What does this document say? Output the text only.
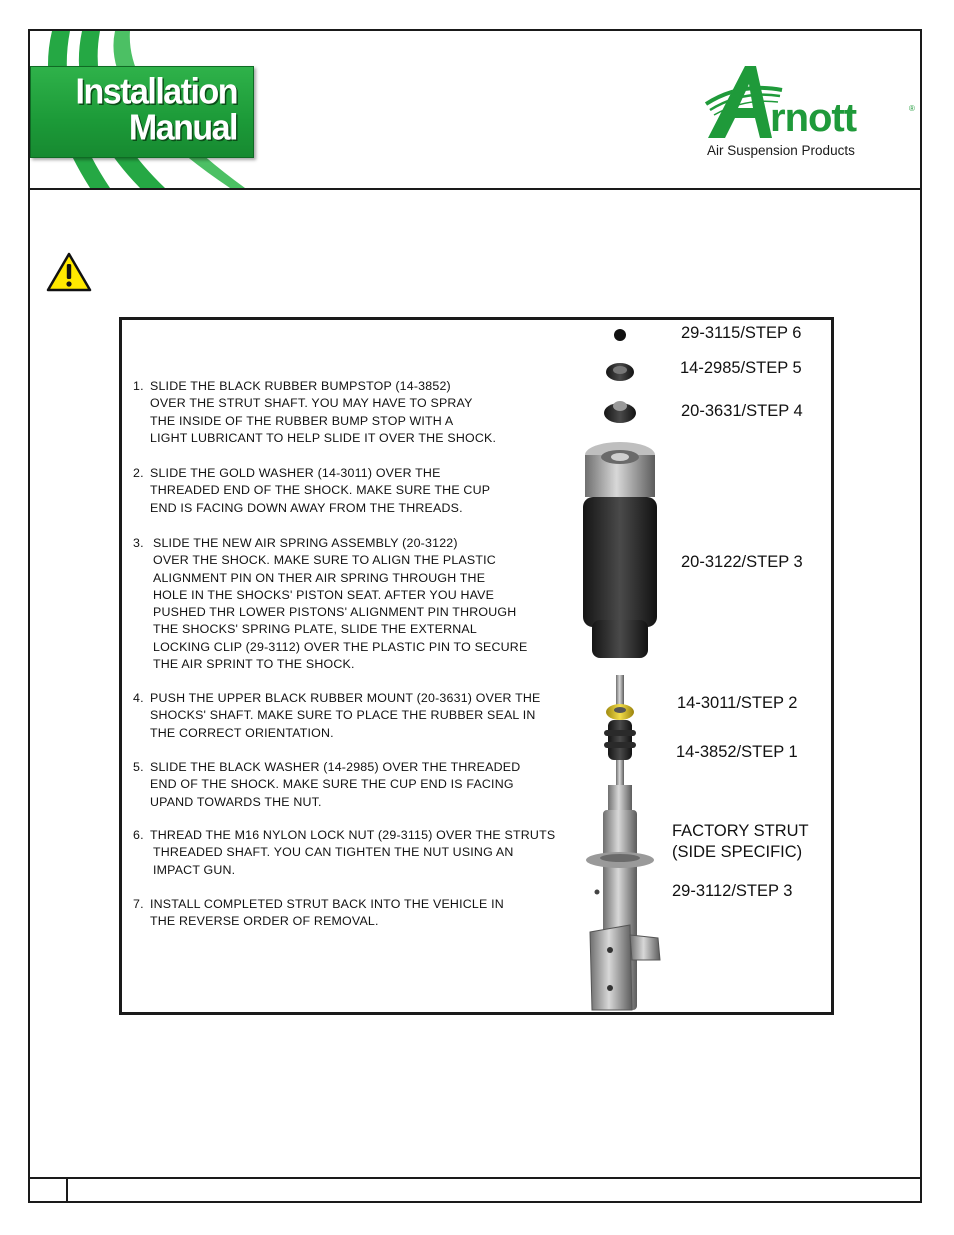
Installation
Manual	rnott	®
Air Suspension Products
1. SLIDE THE BLACK RUBBER BUMPSTOP (14-3852)
OVER THE STRUT SHAFT. YOU MAY HAVE TO SPRAY
THE INSIDE OF THE RUBBER BUMP STOP WITH A
LIGHT LUBRICANT TO HELP SLIDE IT OVER THE SHOCK.
2. SLIDE THE GOLD WASHER (14-3011) OVER THE
THREADED END OF THE SHOCK. MAKE SURE THE CUP
END IS FACING DOWN AWAY FROM THE THREADS.
3. SLIDE THE NEW AIR SPRING ASSEMBLY (20-3122)
OVER THE SHOCK. MAKE SURE TO ALIGN THE PLASTIC
ALIGNMENT PIN ON THER AIR SPRING THROUGH THE
HOLE IN THE SHOCKS' PISTON SEAT. AFTER YOU HAVE
PUSHED THR LOWER PISTONS' ALIGNMENT PIN THROUGH
THE SHOCKS' SPRING PLATE, SLIDE THE EXTERNAL
LOCKING CLIP (29-3112) OVER THE PLASTIC PIN TO SECURE
THE AIR SPRINT TO THE SHOCK.
4. PUSH THE UPPER BLACK RUBBER MOUNT (20-3631) OVER THE
SHOCKS' SHAFT. MAKE SURE TO PLACE THE RUBBER SEAL IN
THE CORRECT ORIENTATION.
5. SLIDE THE BLACK WASHER (14-2985) OVER THE THREADED
END OF THE SHOCK. MAKE SURE THE CUP END IS FACING
UPAND TOWARDS THE NUT.
6. THREAD THE M16 NYLON LOCK NUT (29-3115) OVER THE STRUTS
THREADED SHAFT. YOU CAN TIGHTEN THE NUT USING AN
IMPACT GUN.
7. INSTALL COMPLETED STRUT BACK INTO THE VEHICLE IN
THE REVERSE ORDER OF REMOVAL.
29-3115/STEP 6
14-2985/STEP 5
20-3631/STEP 4
20-3122/STEP 3
14-3011/STEP 2
14-3852/STEP 1
FACTORY STRUT
(SIDE SPECIFIC)
29-3112/STEP 3
